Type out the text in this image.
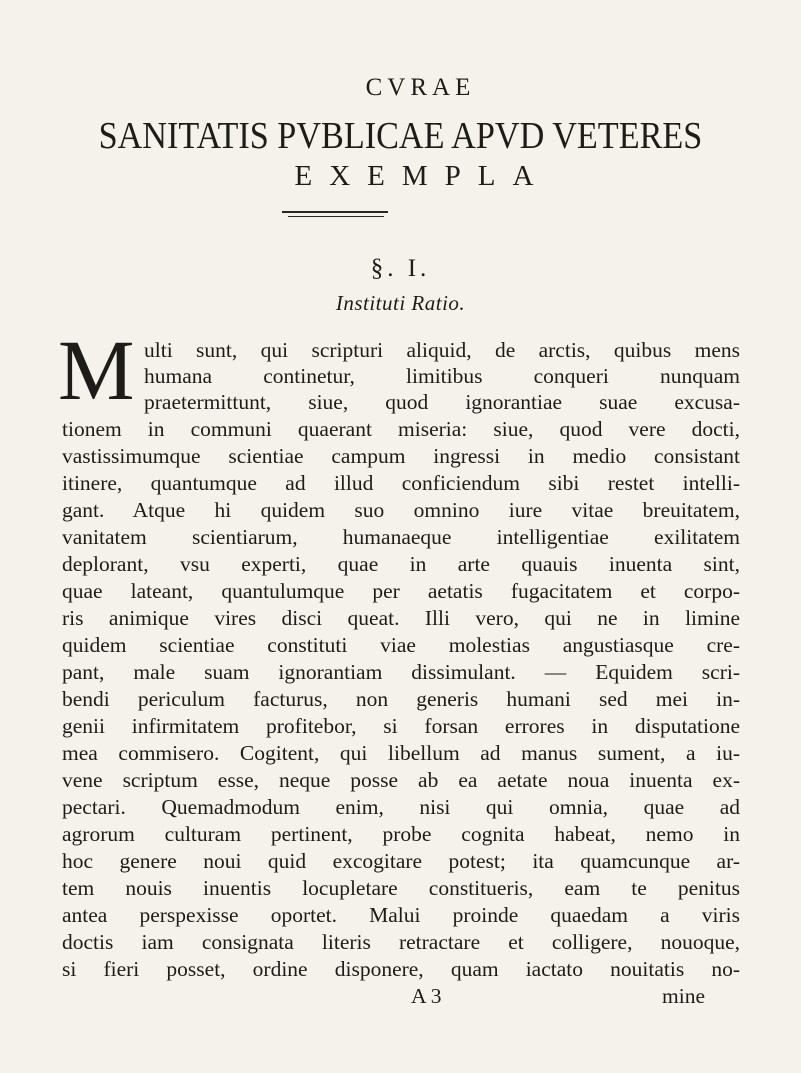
CVRAE
SANITATIS PVBLICAE APVD VETERES
EXEMPLA
§. I.
Instituti Ratio.
M ulti sunt, qui scripturi aliquid, de arctis, quibus mens
humana continetur, limitibus conqueri nunquam
praetermittunt, siue, quod ignorantiae suae excusa-
tionem in communi quaerant miseria: siue, quod vere docti,
vastissimumque scientiae campum ingressi in medio consistant
itinere, quantumque ad illud conficiendum sibi restet intelli-
gant. Atque hi quidem suo omnino iure vitae breuitatem,
vanitatem scientiarum, humanaeque intelligentiae exilitatem
deplorant, vsu experti, quae in arte quauis inuenta sint,
quae lateant, quantulumque per aetatis fugacitatem et corpo-
ris animique vires disci queat. Illi vero, qui ne in limine
quidem scientiae constituti viae molestias angustiasque cre-
pant, male suam ignorantiam dissimulant. — Equidem scri-
bendi periculum facturus, non generis humani sed mei in-
genii infirmitatem profitebor, si forsan errores in disputatione
mea commisero. Cogitent, qui libellum ad manus sument, a iu-
vene scriptum esse, neque posse ab ea aetate noua inuenta ex-
pectari. Quemadmodum enim, nisi qui omnia, quae ad
agrorum culturam pertinent, probe cognita habeat, nemo in
hoc genere noui quid excogitare potest; ita quamcunque ar-
tem nouis inuentis locupletare constitueris, eam te penitus
antea perspexisse oportet. Malui proinde quaedam a viris
doctis iam consignata literis retractare et colligere, nouoque,
si fieri posset, ordine disponere, quam iactato nouitatis no-
A 3	mine
